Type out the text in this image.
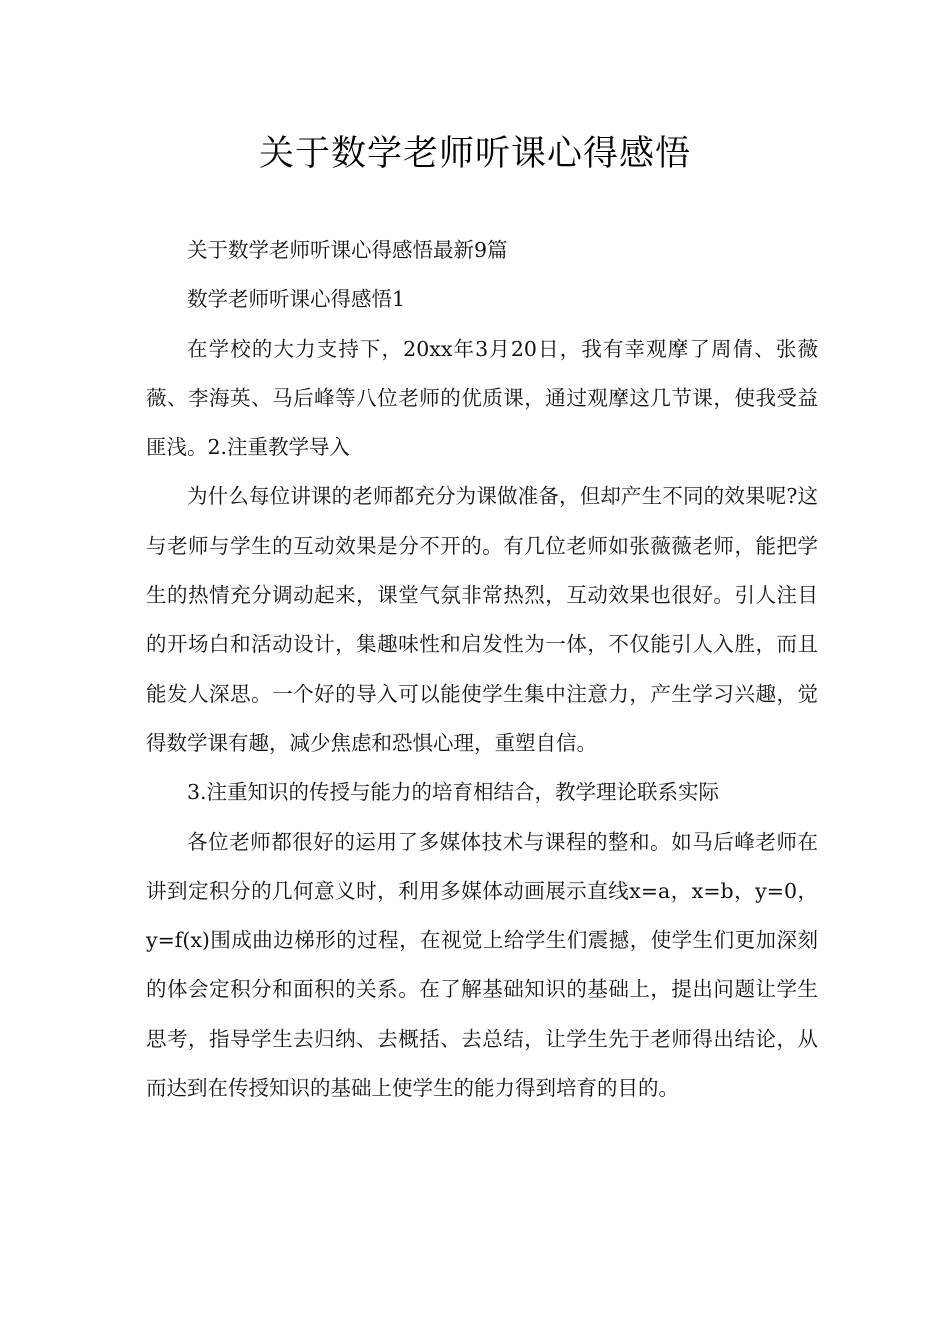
关于数学老师听课心得感悟

关于数学老师听课心得感悟最新9篇

数学老师听课心得感悟1

在学校的大力支持下，20xx年3月20日，我有幸观摩了周倩、张薇薇、李海英、马后峰等八位老师的优质课，通过观摩这几节课，使我受益匪浅。2.注重教学导入

为什么每位讲课的老师都充分为课做准备，但却产生不同的效果呢?这与老师与学生的互动效果是分不开的。有几位老师如张薇薇老师，能把学生的热情充分调动起来，课堂气氛非常热烈，互动效果也很好。引人注目的开场白和活动设计，集趣味性和启发性为一体，不仅能引人入胜，而且能发人深思。一个好的导入可以能使学生集中注意力，产生学习兴趣，觉得数学课有趣，减少焦虑和恐惧心理，重塑自信。

3.注重知识的传授与能力的培育相结合，教学理论联系实际

各位老师都很好的运用了多媒体技术与课程的整和。如马后峰老师在讲到定积分的几何意义时，利用多媒体动画展示直线x=a，x=b，y=0，y=f(x)围成曲边梯形的过程，在视觉上给学生们震撼，使学生们更加深刻的体会定积分和面积的关系。在了解基础知识的基础上，提出问题让学生思考，指导学生去归纳、去概括、去总结，让学生先于老师得出结论，从而达到在传授知识的基础上使学生的能力得到培育的目的。
